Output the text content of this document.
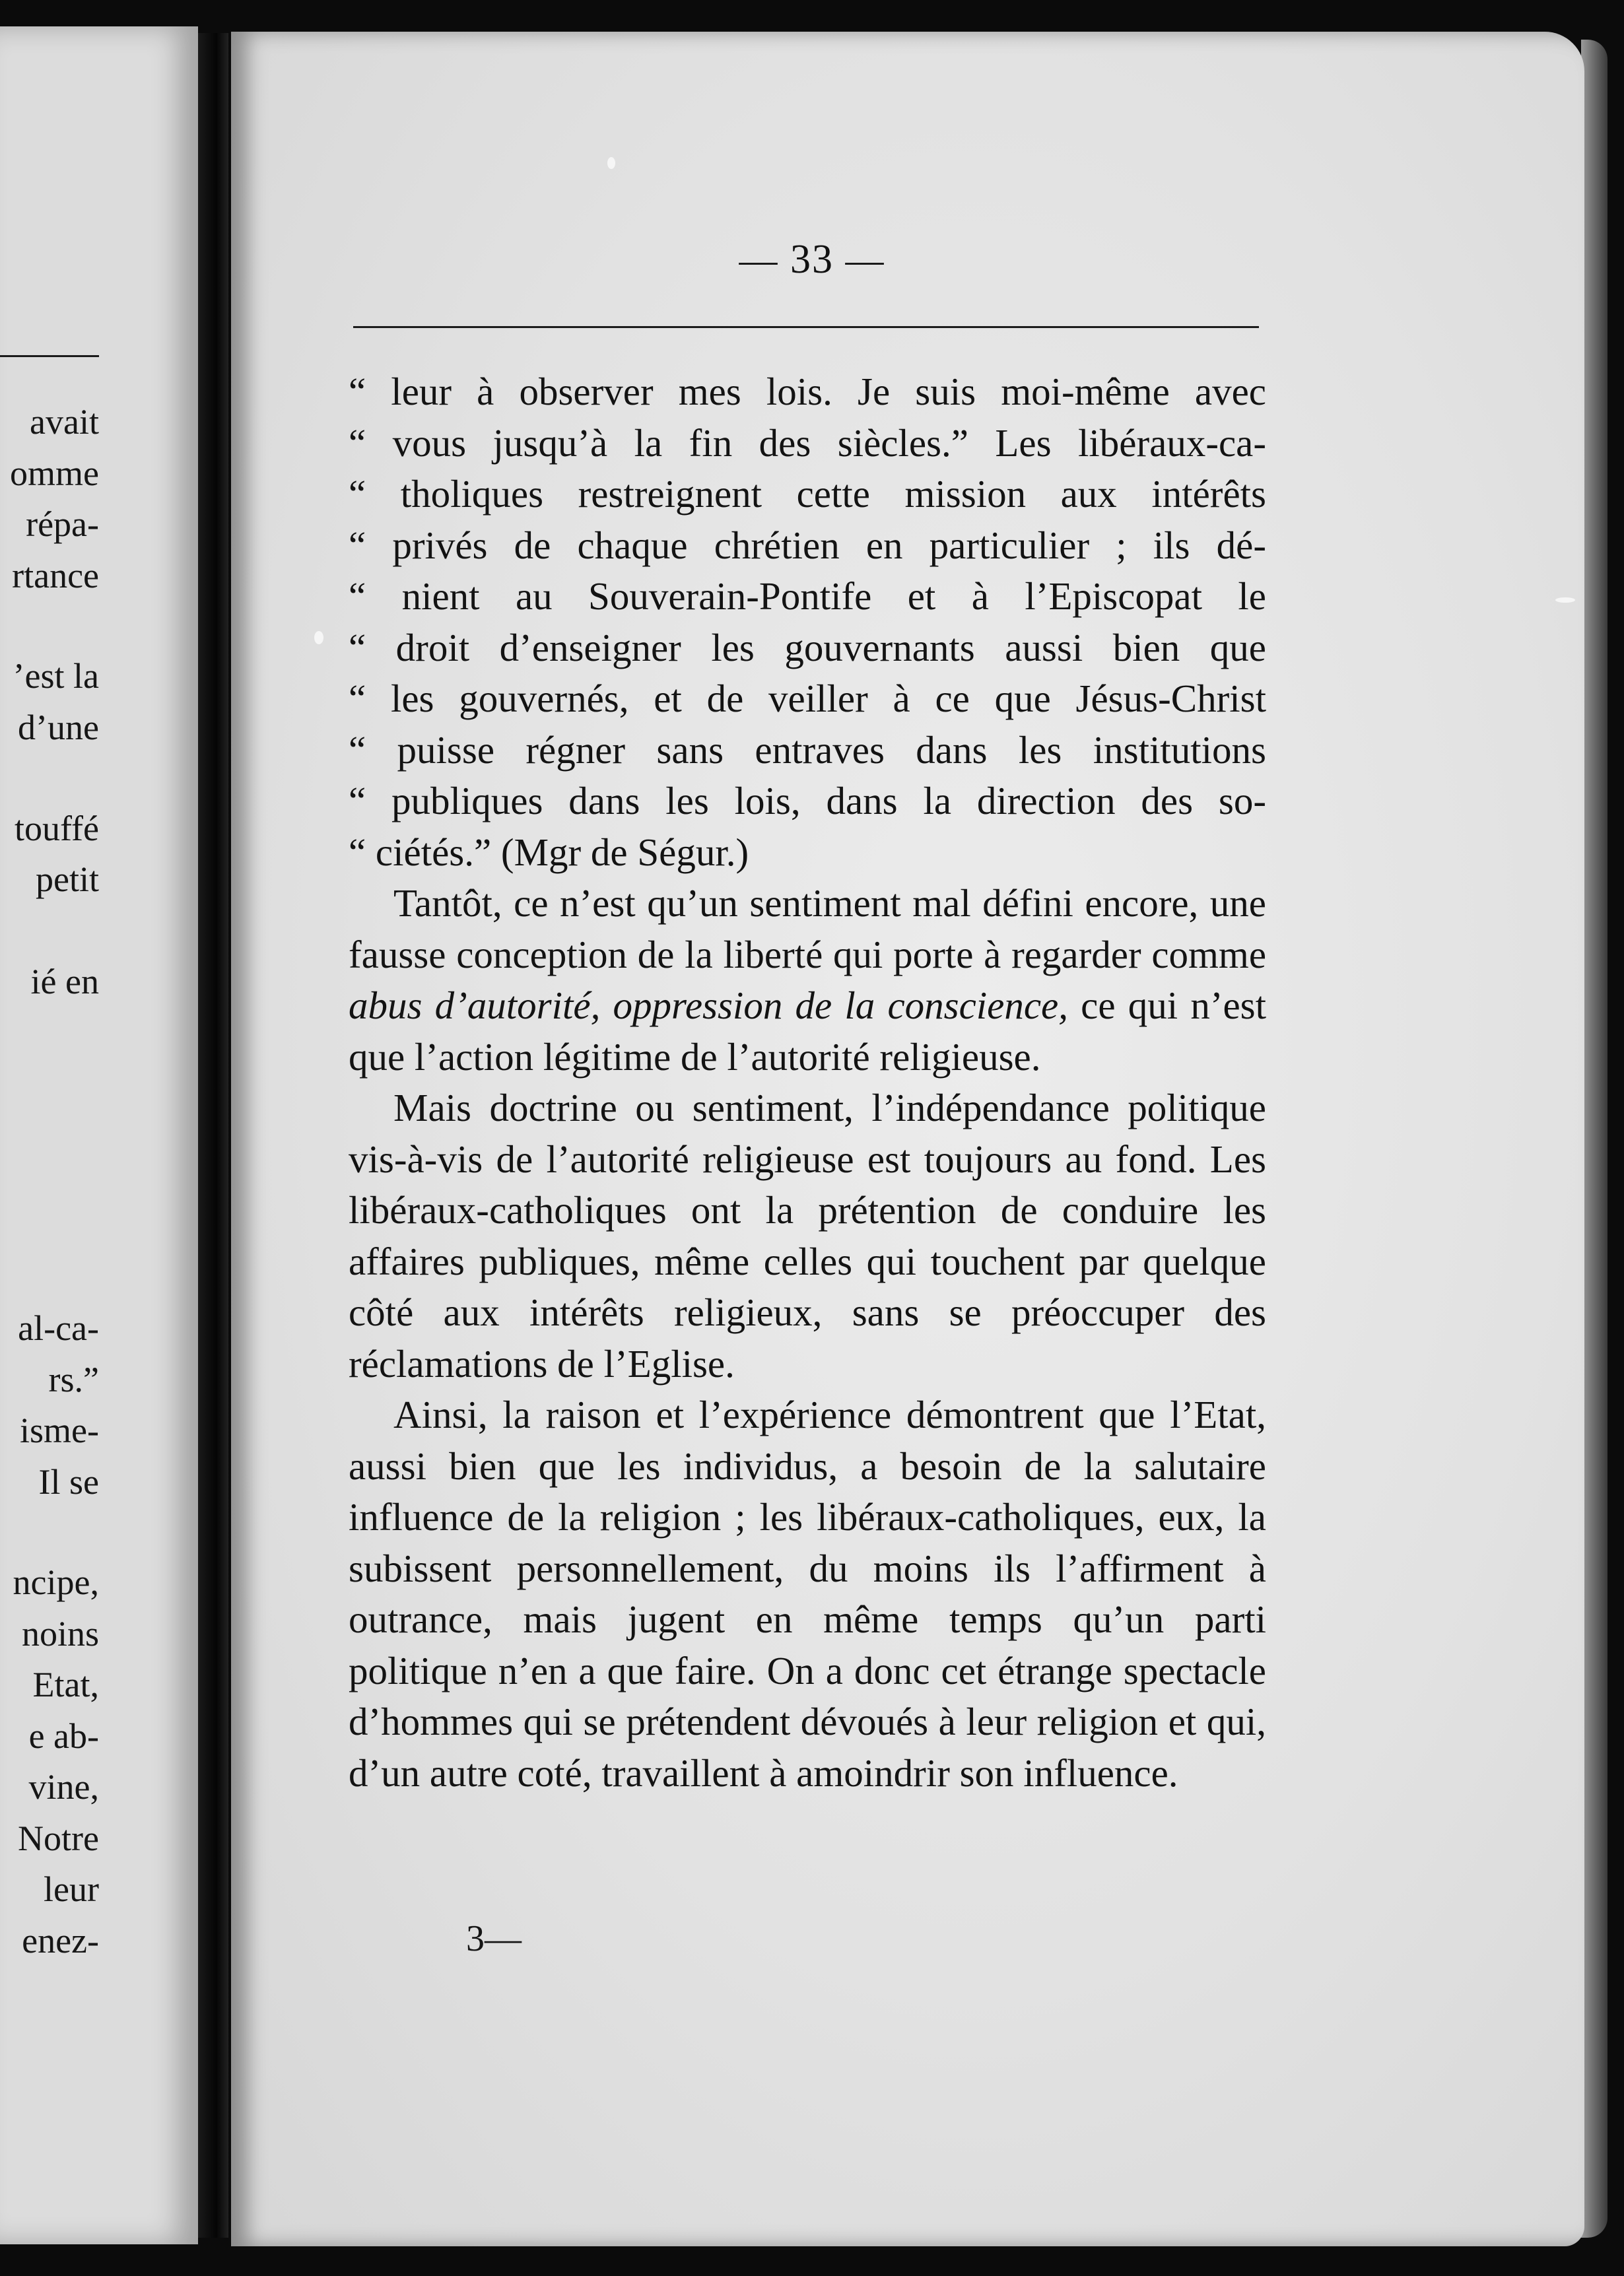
avait
omme
répa-
rtance
’est la
d’une
touffé
petit
ié en
al-ca-
rs.”
isme-
Il se
ncipe,
noins
Etat,
e ab-
vine,
Notre
leur
enez-
— 33 —
“ leur à observer mes lois. Je suis moi-même avec
“ vous jusqu’à la fin des siècles.” Les libéraux-ca-
“ tholiques restreignent cette mission aux intérêts
“ privés de chaque chrétien en particulier ; ils dé-
“ nient au Souverain-Pontife et à l’Episcopat le
“ droit d’enseigner les gouvernants aussi bien que
“ les gouvernés, et de veiller à ce que Jésus-Christ
“ puisse régner sans entraves dans les institutions
“ publiques dans les lois, dans la direction des so-
“ ciétés.” (Mgr de Ségur.)

Tantôt, ce n’est qu’un sentiment mal défini encore, une fausse conception de la liberté qui porte à regarder comme abus d’autorité, oppression de la conscience, ce qui n’est que l’action légitime de l’autorité religieuse.

Mais doctrine ou sentiment, l’indépendance politique vis-à-vis de l’autorité religieuse est toujours au fond. Les libéraux-catholiques ont la prétention de conduire les affaires publiques, même celles qui touchent par quelque côté aux intérêts religieux, sans se préoccuper des réclamations de l’Eglise.

Ainsi, la raison et l’expérience démontrent que l’Etat, aussi bien que les individus, a besoin de la salutaire influence de la religion ; les libéraux-catholiques, eux, la subissent personnellement, du moins ils l’affirment à outrance, mais jugent en même temps qu’un parti politique n’en a que faire. On a donc cet étrange spectacle d’hommes qui se prétendent dévoués à leur religion et qui, d’un autre coté, travaillent à amoindrir son influence.

3—
